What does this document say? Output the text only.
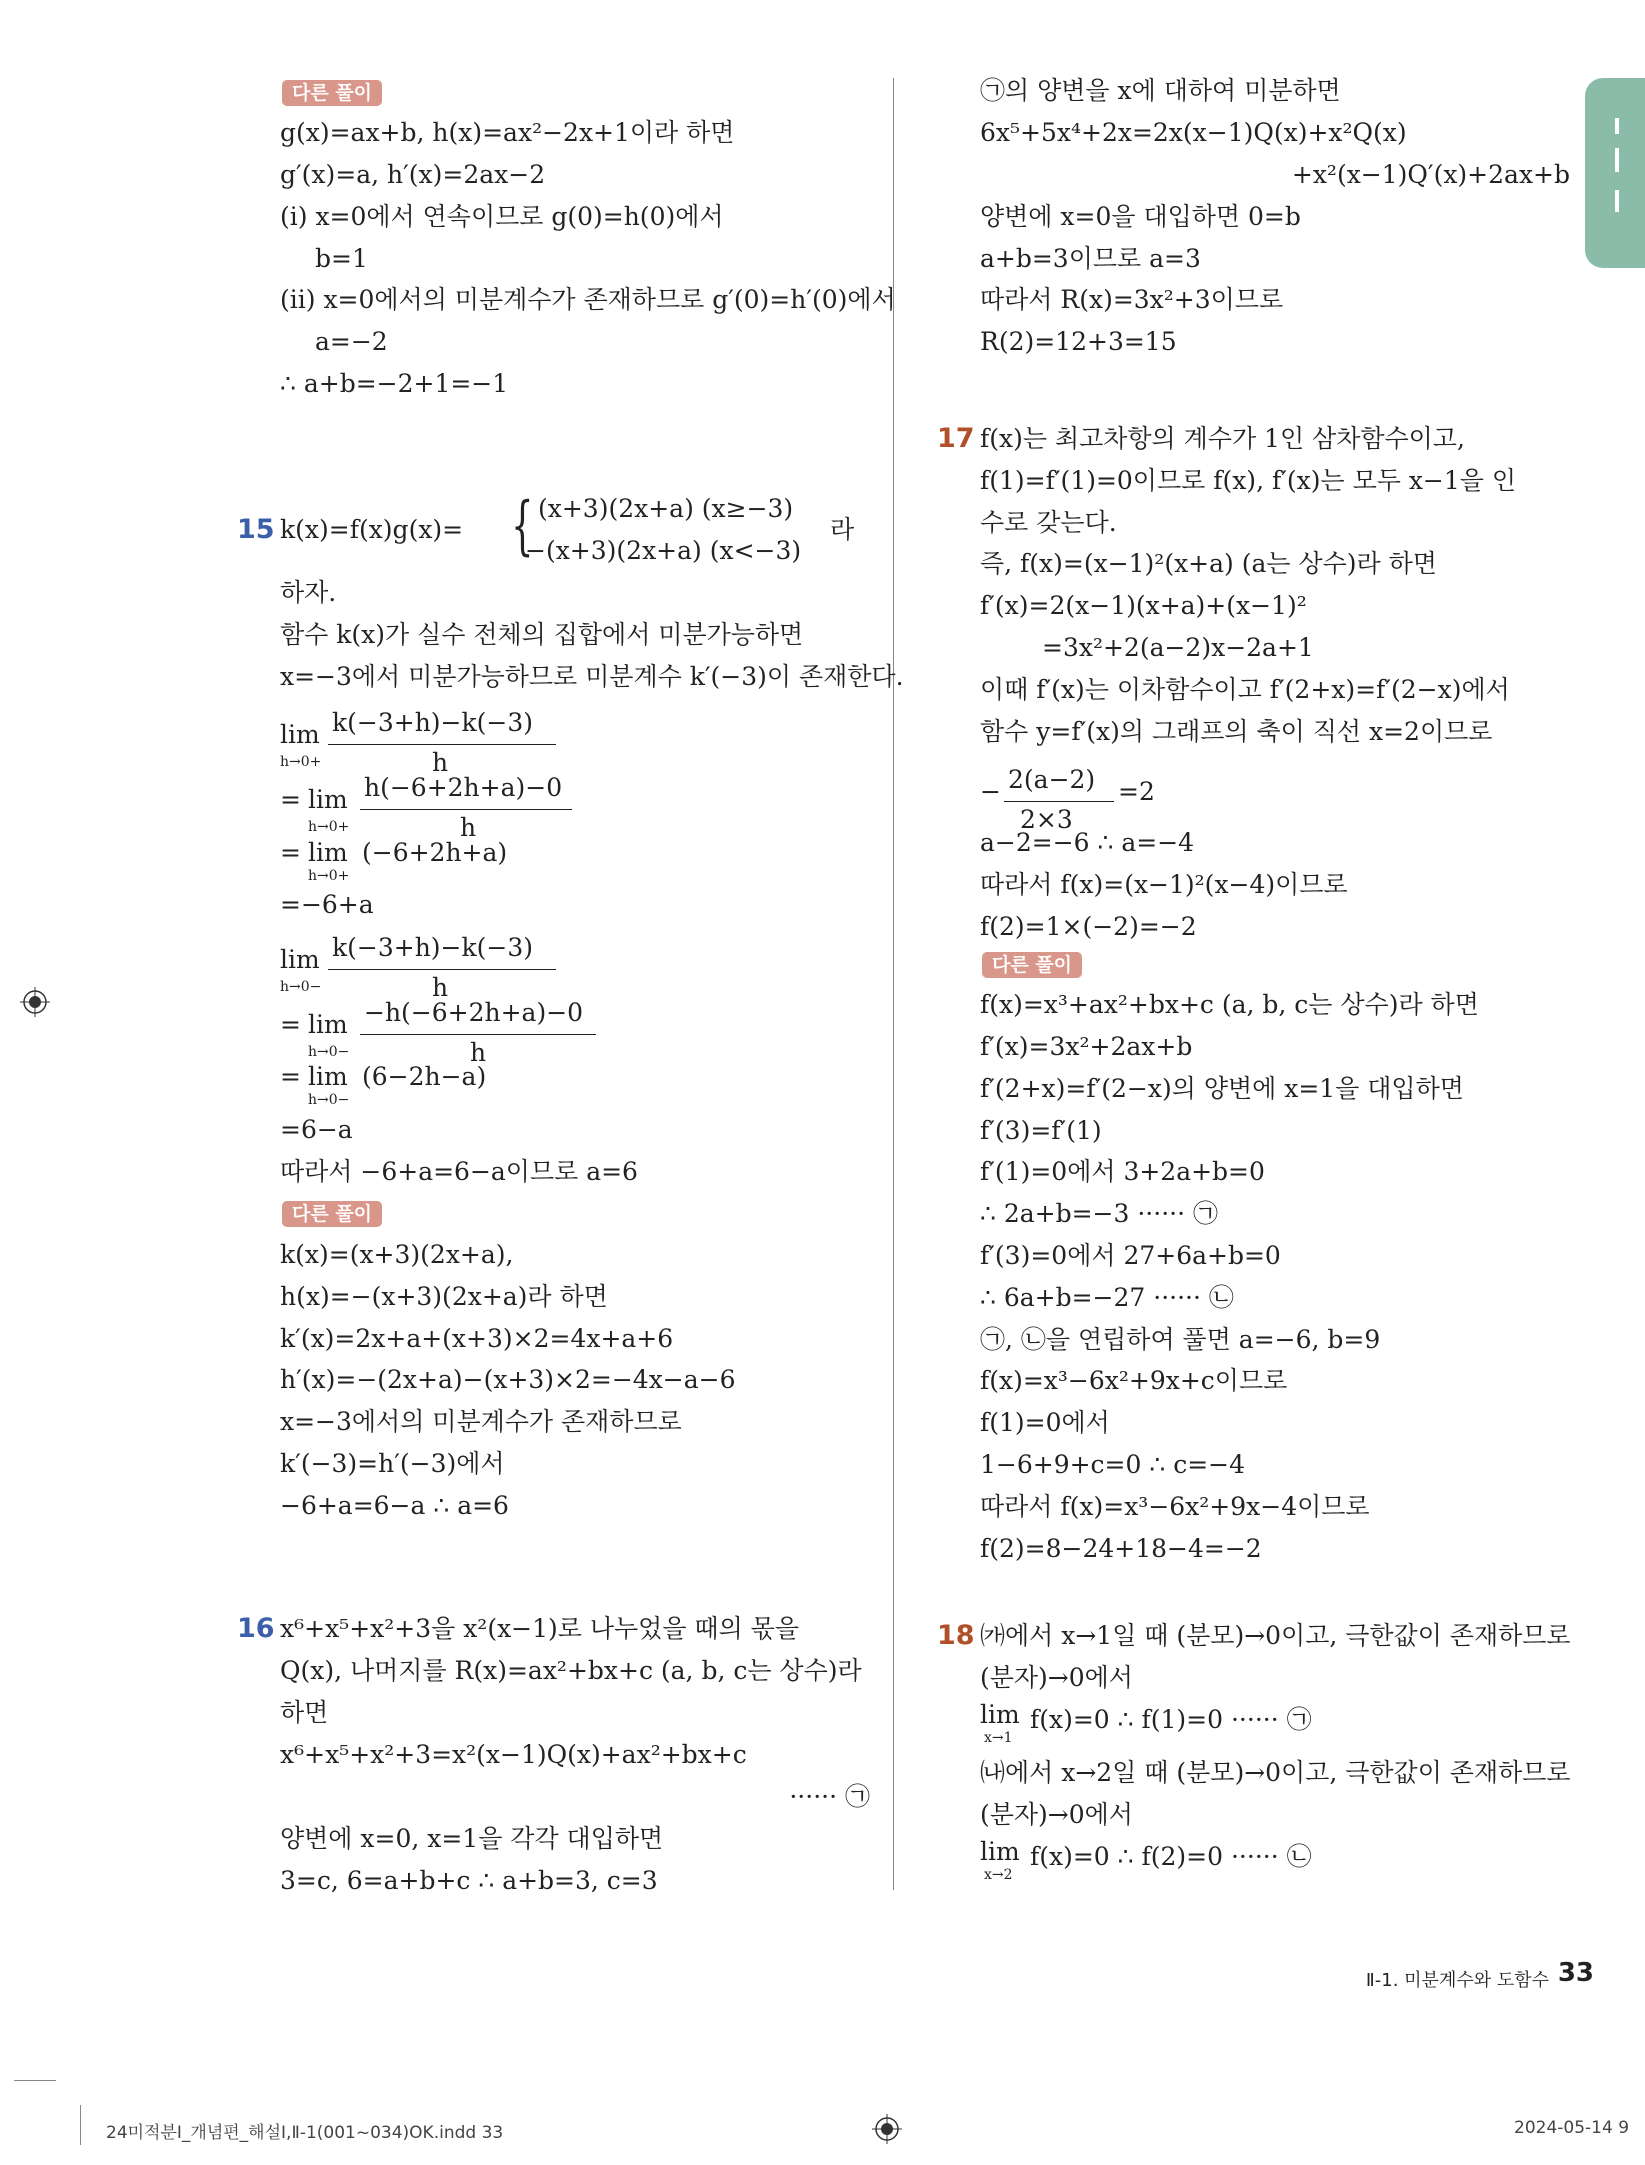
다른 풀이
g(x)=ax+b, h(x)=ax²−2x+1이라 하면
g′(x)=a, h′(x)=2ax−2
(ⅰ) x=0에서 연속이므로 g(0)=h(0)에서
b=1
(ⅱ) x=0에서의 미분계수가 존재하므로 g′(0)=h′(0)에서
a=−2
∴ a+b=−2+1=−1
15 k(x)=f(x)g(x)= { (x+3)(2x+a) (x≥−3)
−(x+3)(2x+a) (x<−3)
라
하자.
함수 k(x)가 실수 전체의 집합에서 미분가능하면
x=−3에서 미분가능하므로 미분계수 k′(−3)이 존재한다.
lim
h→0+
k(−3+h)−k(−3)
h
= lim
h→0+
h(−6+2h+a)−0
h
= lim
h→0+
(−6+2h+a)
=−6+a
lim
h→0−
k(−3+h)−k(−3)
h
= lim
h→0−
−h(−6+2h+a)−0
h
= lim
h→0−
(6−2h−a)
=6−a
따라서 −6+a=6−a이므로 a=6
다른 풀이
k(x)=(x+3)(2x+a),
h(x)=−(x+3)(2x+a)라 하면
k′(x)=2x+a+(x+3)×2=4x+a+6
h′(x)=−(2x+a)−(x+3)×2=−4x−a−6
x=−3에서의 미분계수가 존재하므로
k′(−3)=h′(−3)에서
−6+a=6−a ∴ a=6
16 x⁶+x⁵+x²+3을 x²(x−1)로 나누었을 때의 몫을
Q(x), 나머지를 R(x)=ax²+bx+c (a, b, c는 상수)라
하면
x⁶+x⁵+x²+3=x²(x−1)Q(x)+ax²+bx+c
······ ㉠
양변에 x=0, x=1을 각각 대입하면
3=c, 6=a+b+c ∴ a+b=3, c=3
㉠의 양변을 x에 대하여 미분하면
6x⁵+5x⁴+2x=2x(x−1)Q(x)+x²Q(x)
+x²(x−1)Q′(x)+2ax+b
양변에 x=0을 대입하면 0=b
a+b=3이므로 a=3
따라서 R(x)=3x²+3이므로
R(2)=12+3=15
17 f(x)는 최고차항의 계수가 1인 삼차함수이고,
f(1)=f′(1)=0이므로 f(x), f′(x)는 모두 x−1을 인
수로 갖는다.
즉, f(x)=(x−1)²(x+a) (a는 상수)라 하면
f′(x)=2(x−1)(x+a)+(x−1)²
=3x²+2(a−2)x−2a+1
이때 f′(x)는 이차함수이고 f′(2+x)=f′(2−x)에서
함수 y=f′(x)의 그래프의 축이 직선 x=2이므로
− 2(a−2)
2×3
=2
a−2=−6 ∴ a=−4
따라서 f(x)=(x−1)²(x−4)이므로
f(2)=1×(−2)=−2
다른 풀이
f(x)=x³+ax²+bx+c (a, b, c는 상수)라 하면
f′(x)=3x²+2ax+b
f′(2+x)=f′(2−x)의 양변에 x=1을 대입하면
f′(3)=f′(1)
f′(1)=0에서 3+2a+b=0
∴ 2a+b=−3 ······ ㉠
f′(3)=0에서 27+6a+b=0
∴ 6a+b=−27 ······ ㉡
㉠, ㉡을 연립하여 풀면 a=−6, b=9
f(x)=x³−6x²+9x+c이므로
f(1)=0에서
1−6+9+c=0 ∴ c=−4
따라서 f(x)=x³−6x²+9x−4이므로
f(2)=8−24+18−4=−2
18 ㈎에서 x→1일 때 (분모)→0이고, 극한값이 존재하므로
(분자)→0에서
lim
x→1
f(x)=0 ∴ f(1)=0 ······ ㉠
㈏에서 x→2일 때 (분모)→0이고, 극한값이 존재하므로
(분자)→0에서
lim
x→2
f(x)=0 ∴ f(2)=0 ······ ㉡
Ⅱ-1. 미분계수와 도함수 33
24미적분Ⅰ_개념편_해설Ⅰ,Ⅱ-1(001~034)OK.indd 33	2024-05-14 9
